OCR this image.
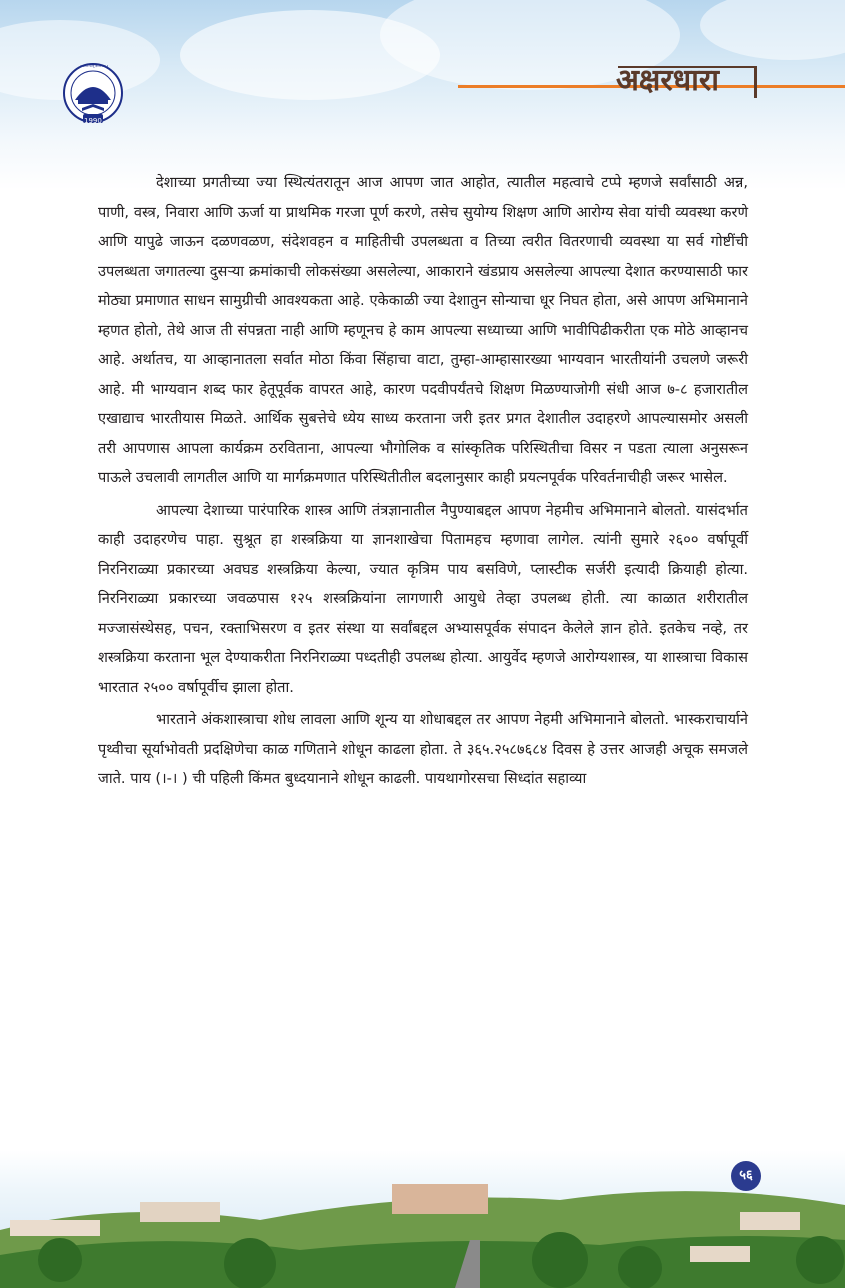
1990
॥ अंतरी पेटवू ज्ञानज्योत ॥	अक्षरधारा

देशाच्या प्रगतीच्या ज्या स्थित्यंतरातून आज आपण जात आहोत, त्यातील महत्वाचे टप्पे म्हणजे सर्वांसाठी अन्न, पाणी, वस्त्र, निवारा आणि ऊर्जा या प्राथमिक गरजा पूर्ण करणे, तसेच सुयोग्य शिक्षण आणि आरोग्य सेवा यांची व्यवस्था करणे आणि यापुढे जाऊन दळणवळण, संदेशवहन व माहितीची उपलब्धता व तिच्या त्वरीत वितरणाची व्यवस्था या सर्व गोष्टींची उपलब्धता जगातल्या दुसऱ्या क्रमांकाची लोकसंख्या असलेल्या, आकाराने खंडप्राय असलेल्या आपल्या देशात करण्यासाठी फार मोठ्या प्रमाणात साधन सामुग्रीची आवश्यकता आहे. एकेकाळी ज्या देशातुन सोन्याचा धूर निघत होता, असे आपण अभिमानाने म्हणत होतो, तेथे आज ती संपन्नता नाही आणि म्हणूनच हे काम आपल्या सध्याच्या आणि भावीपिढीकरीता एक मोठे आव्हानच आहे. अर्थातच, या आव्हानातला सर्वात मोठा किंवा सिंहाचा वाटा, तुम्हा-आम्हासारख्या भाग्यवान भारतीयांनी उचलणे जरूरी आहे. मी भाग्यवान शब्द फार हेतूपूर्वक वापरत आहे, कारण पदवीपर्यंतचे शिक्षण मिळण्याजोगी संधी आज ७-८ हजारातील एखाद्याच भारतीयास मिळते. आर्थिक सुबत्तेचे ध्येय साध्य करताना जरी इतर प्रगत देशातील उदाहरणे आपल्यासमोर असली तरी आपणास आपला कार्यक्रम ठरविताना, आपल्या भौगोलिक व सांस्कृतिक परिस्थितीचा विसर न पडता त्याला अनुसरून पाऊले उचलावी लागतील आणि या मार्गक्रमणात परिस्थितीतील बदलानुसार काही प्रयत्नपूर्वक परिवर्तनाचीही जरूर भासेल.

आपल्या देशाच्या पारंपारिक शास्त्र आणि तंत्रज्ञानातील नैपुण्याबद्दल आपण नेहमीच अभिमानाने बोलतो. यासंदर्भात काही उदाहरणेच पाहा. सुश्रूत हा शस्त्रक्रिया या ज्ञानशाखेचा पितामहच म्हणावा लागेल. त्यांनी सुमारे २६०० वर्षापूर्वी निरनिराळ्या प्रकारच्या अवघड शस्त्रक्रिया केल्या, ज्यात कृत्रिम पाय बसविणे, प्लास्टीक सर्जरी इत्यादी क्रियाही होत्या. निरनिराळ्या प्रकारच्या जवळपास १२५ शस्त्रक्रियांना लागणारी आयुधे तेव्हा उपलब्ध होती. त्या काळात शरीरातील मज्जासंस्थेसह, पचन, रक्ताभिसरण व इतर संस्था या सर्वांबद्दल अभ्यासपूर्वक संपादन केलेले ज्ञान होते. इतकेच नव्हे, तर शस्त्रक्रिया करताना भूल देण्याकरीता निरनिराळ्या पध्दतीही उपलब्ध होत्या. आयुर्वेद म्हणजे आरोग्यशास्त्र, या शास्त्राचा विकास भारतात २५०० वर्षापूर्वीच झाला होता.

भारताने अंकशास्त्राचा शोध लावला आणि शून्य या शोधाबद्दल तर आपण नेहमी अभिमानाने बोलतो. भास्कराचार्याने पृथ्वीचा सूर्याभोवती प्रदक्षिणेचा काळ गणिताने शोधून काढला होता. ते ३६५.२५८७६८४ दिवस हे उत्तर आजही अचूक समजले जाते. पाय (।-। ) ची पहिली किंमत बुध्दयानाने शोधून काढली. पायथागोरसचा सिध्दांत सहाव्या

५६
